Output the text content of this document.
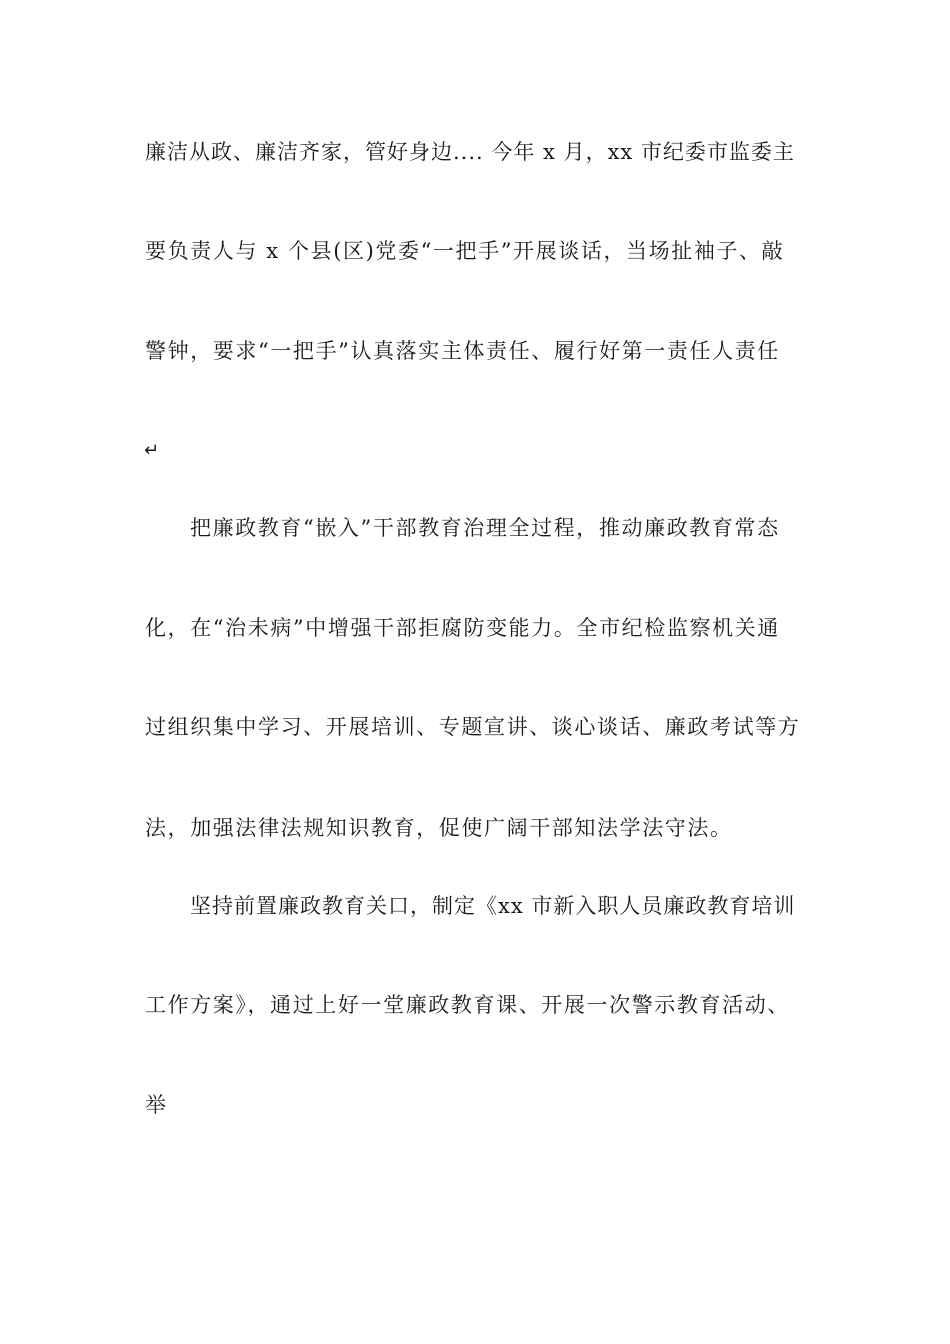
廉洁从政、廉洁齐家，管好身边.... 今年 x 月，xx 市纪委市监委主

要负责人与 x 个县(区)党委“一把手”开展谈话，当场扯袖子、敲

警钟，要求“一把手”认真落实主体责任、履行好第一责任人责任

↵

把廉政教育“嵌入”干部教育治理全过程，推动廉政教育常态

化，在“治未病”中增强干部拒腐防变能力。全市纪检监察机关通

过组织集中学习、开展培训、专题宣讲、谈心谈话、廉政考试等方

法，加强法律法规知识教育，促使广阔干部知法学法守法。

坚持前置廉政教育关口，制定《xx 市新入职人员廉政教育培训

工作方案》，通过上好一堂廉政教育课、开展一次警示教育活动、

举
